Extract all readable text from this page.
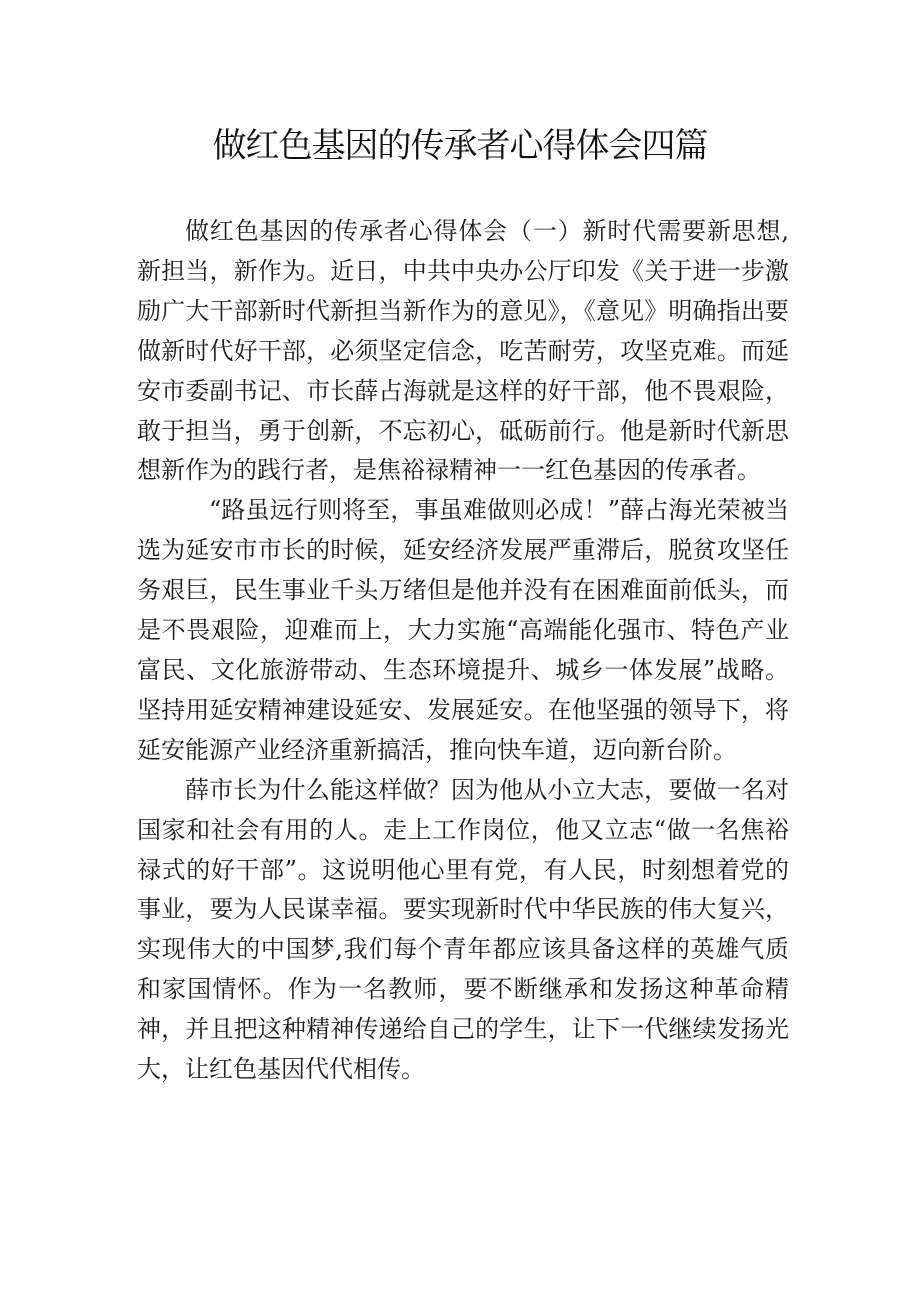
做红色基因的传承者心得体会四篇

做红色基因的传承者心得体会（一）新时代需要新思想,新担当，新作为。近日，中共中央办公厅印发《关于进一步激励广大干部新时代新担当新作为的意见》，《意见》明确指出要做新时代好干部，必须坚定信念，吃苦耐劳，攻坚克难。而延安市委副书记、市长薛占海就是这样的好干部，他不畏艰险，敢于担当，勇于创新，不忘初心，砥砺前行。他是新时代新思想新作为的践行者，是焦裕禄精神一一红色基因的传承者。

“路虽远行则将至，事虽难做则必成！”薛占海光荣被当选为延安市市长的时候，延安经济发展严重滞后，脱贫攻坚任务艰巨，民生事业千头万绪但是他并没有在困难面前低头，而是不畏艰险，迎难而上，大力实施“高端能化强市、特色产业富民、文化旅游带动、生态环境提升、城乡一体发展”战略。坚持用延安精神建设延安、发展延安。在他坚强的领导下，将延安能源产业经济重新搞活，推向快车道，迈向新台阶。

薛市长为什么能这样做？因为他从小立大志，要做一名对国家和社会有用的人。走上工作岗位，他又立志“做一名焦裕禄式的好干部”。这说明他心里有党，有人民，时刻想着党的事业，要为人民谋幸福。要实现新时代中华民族的伟大复兴，实现伟大的中国梦,我们每个青年都应该具备这样的英雄气质和家国情怀。作为一名教师，要不断继承和发扬这种革命精神，并且把这种精神传递给自己的学生，让下一代继续发扬光大，让红色基因代代相传。
